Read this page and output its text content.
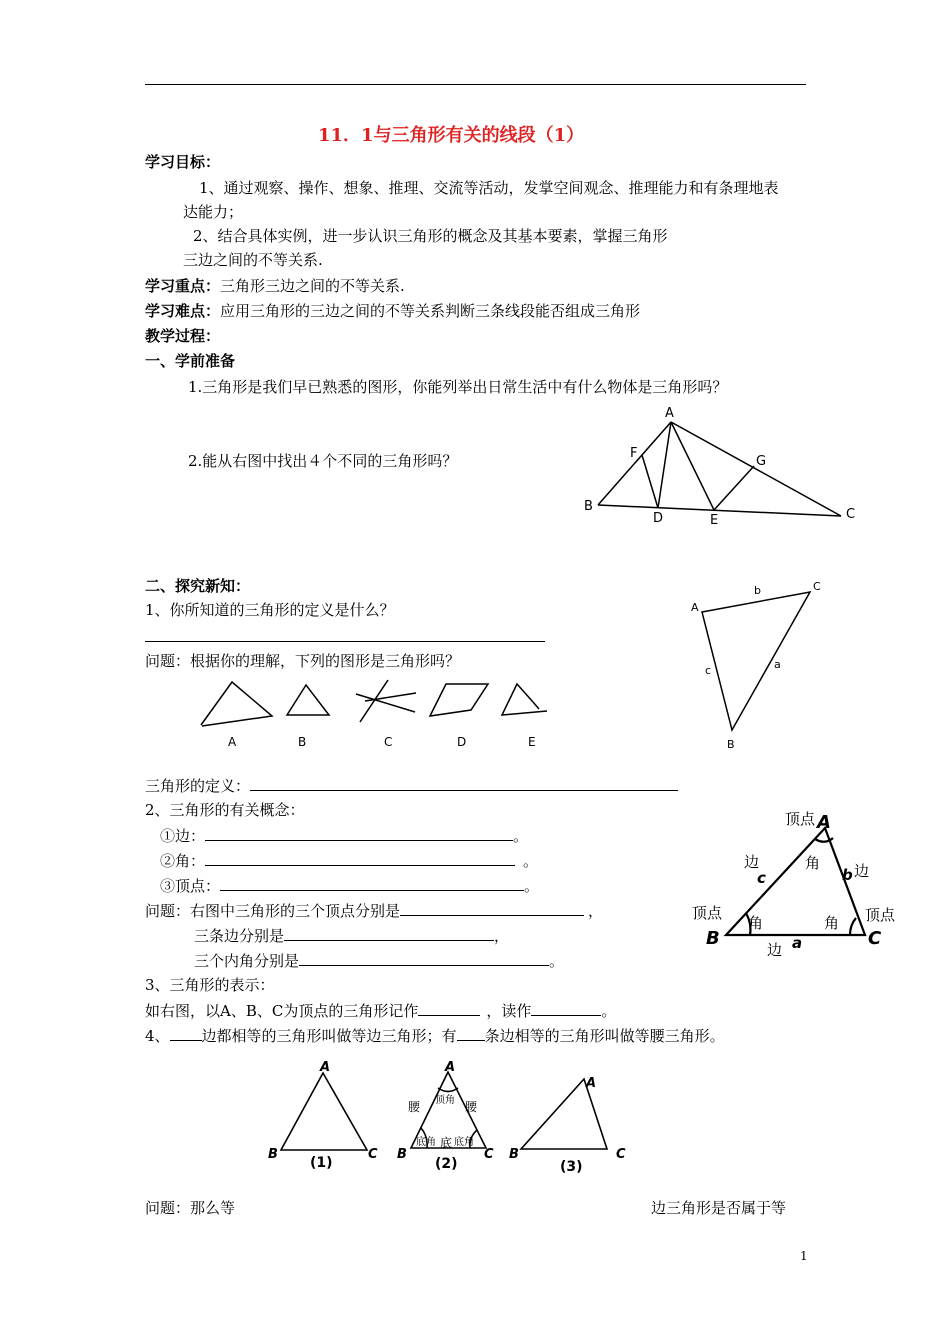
11．1与三角形有关的线段（1）
学习目标：
1、通过观察、操作、想象、推理、交流等活动，发掌空间观念、推理能力和有条理地表
达能力；
2、结合具体实例，进一步认识三角形的概念及其基本要素，掌握三角形
三边之间的不等关系.
学习重点：三角形三边之间的不等关系.
学习难点：应用三角形的三边之间的不等关系判断三条线段能否组成三角形
教学过程：
一、学前准备
1.三角形是我们早已熟悉的图形，你能列举出日常生活中有什么物体是三角形吗？
2.能从右图中找出４个不同的三角形吗？
A
F
G
B
D	E	C
二、探究新知：
1、你所知道的三角形的定义是什么？
问题：根据你的理解，下列的图形是三角形吗？
A	B	C	D	E
A
C
B
b
c	a
三角形的定义：
2、三角形的有关概念：
①边：	。
②角：	。
③顶点：	。
问题：右图中三角形的三个顶点分别是	，
三条边分别是	，
三个内角分别是	。
顶点 A
边
c
角
b 边
顶点
角	角 顶点
B	C
边 a
3、三角形的表示：
如右图，以A、B、C为顶点的三角形记作	，读作	。
4、 边都相等的三角形叫做等边三角形；有 条边相等的三角形叫做等腰三角形。
A
B	C
(1)
A
顶角
腰	腰
底角 底 底角
B	C
(2)
A
B	C
(3)
问题：那么等	边三角形是否属于等
1
